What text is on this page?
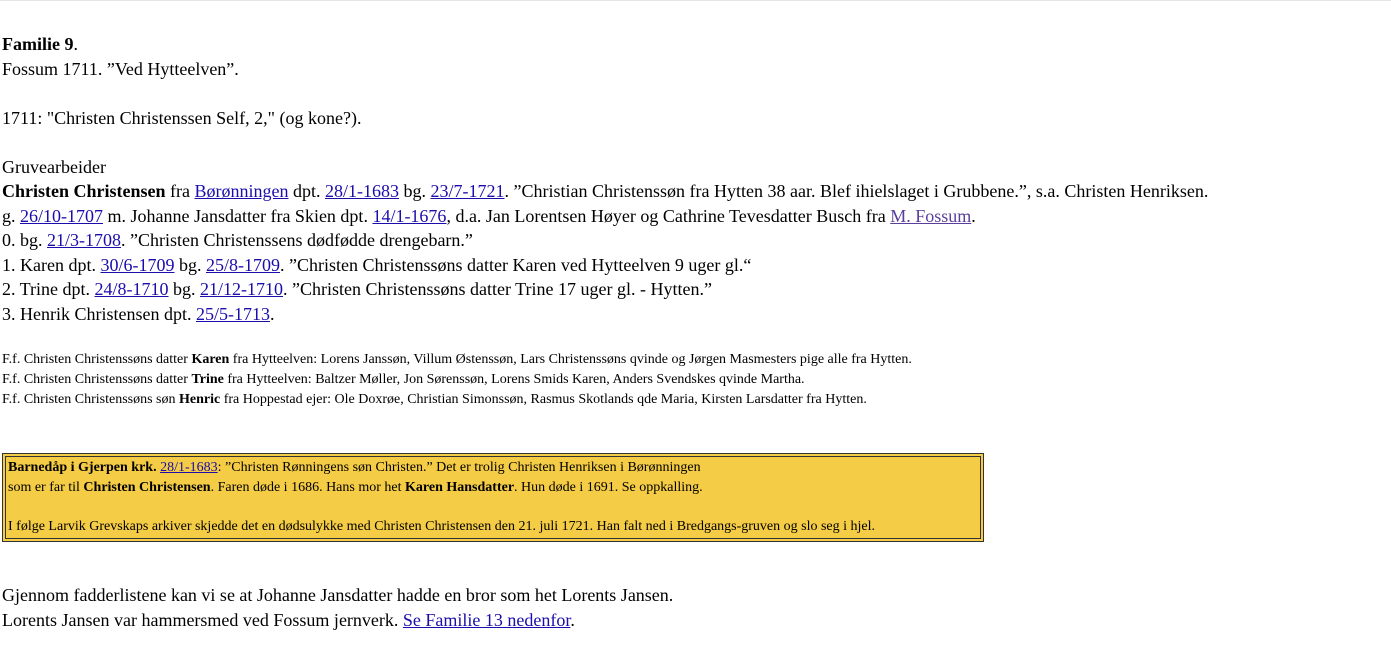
Familie 9.

Fossum 1711. ”Ved Hytteelven”.

1711: "Christen Christenssen Self, 2," (og kone?).

Gruvearbeider

Christen Christensen fra Børønningen dpt. 28/1-1683 bg. 23/7-1721. ”Christian Christenssøn fra Hytten 38 aar. Blef ihielslaget i Grubbene.”, s.a. Christen Henriksen.

g. 26/10-1707 m. Johanne Jansdatter fra Skien dpt. 14/1-1676, d.a. Jan Lorentsen Høyer og Cathrine Tevesdatter Busch fra M. Fossum.

0. bg. 21/3-1708. ”Christen Christenssens dødfødde drengebarn.”

1. Karen dpt. 30/6-1709 bg. 25/8-1709. ”Christen Christenssøns datter Karen ved Hytteelven 9 uger gl.“

2. Trine dpt. 24/8-1710 bg. 21/12-1710. ”Christen Christenssøns datter Trine 17 uger gl. - Hytten.”

3. Henrik Christensen dpt. 25/5-1713.

F.f. Christen Christenssøns datter Karen fra Hytteelven: Lorens Janssøn, Villum Østenssøn, Lars Christenssøns qvinde og Jørgen Masmesters pige alle fra Hytten.

F.f. Christen Christenssøns datter Trine fra Hytteelven: Baltzer Møller, Jon Sørenssøn, Lorens Smids Karen, Anders Svendskes qvinde Martha.

F.f. Christen Christenssøns søn Henric fra Hoppestad ejer: Ole Doxrøe, Christian Simonssøn, Rasmus Skotlands qde Maria, Kirsten Larsdatter fra Hytten.

Barnedåp i Gjerpen krk. 28/1-1683: ”Christen Rønningens søn Christen.” Det er trolig Christen Henriksen i Børønningen

som er far til Christen Christensen. Faren døde i 1686. Hans mor het Karen Hansdatter. Hun døde i 1691. Se oppkalling.

I følge Larvik Grevskaps arkiver skjedde det en dødsulykke med Christen Christensen den 21. juli 1721. Han falt ned i Bredgangs-gruven og slo seg i hjel.

Gjennom fadderlistene kan vi se at Johanne Jansdatter hadde en bror som het Lorents Jansen.

Lorents Jansen var hammersmed ved Fossum jernverk. Se Familie 13 nedenfor.
